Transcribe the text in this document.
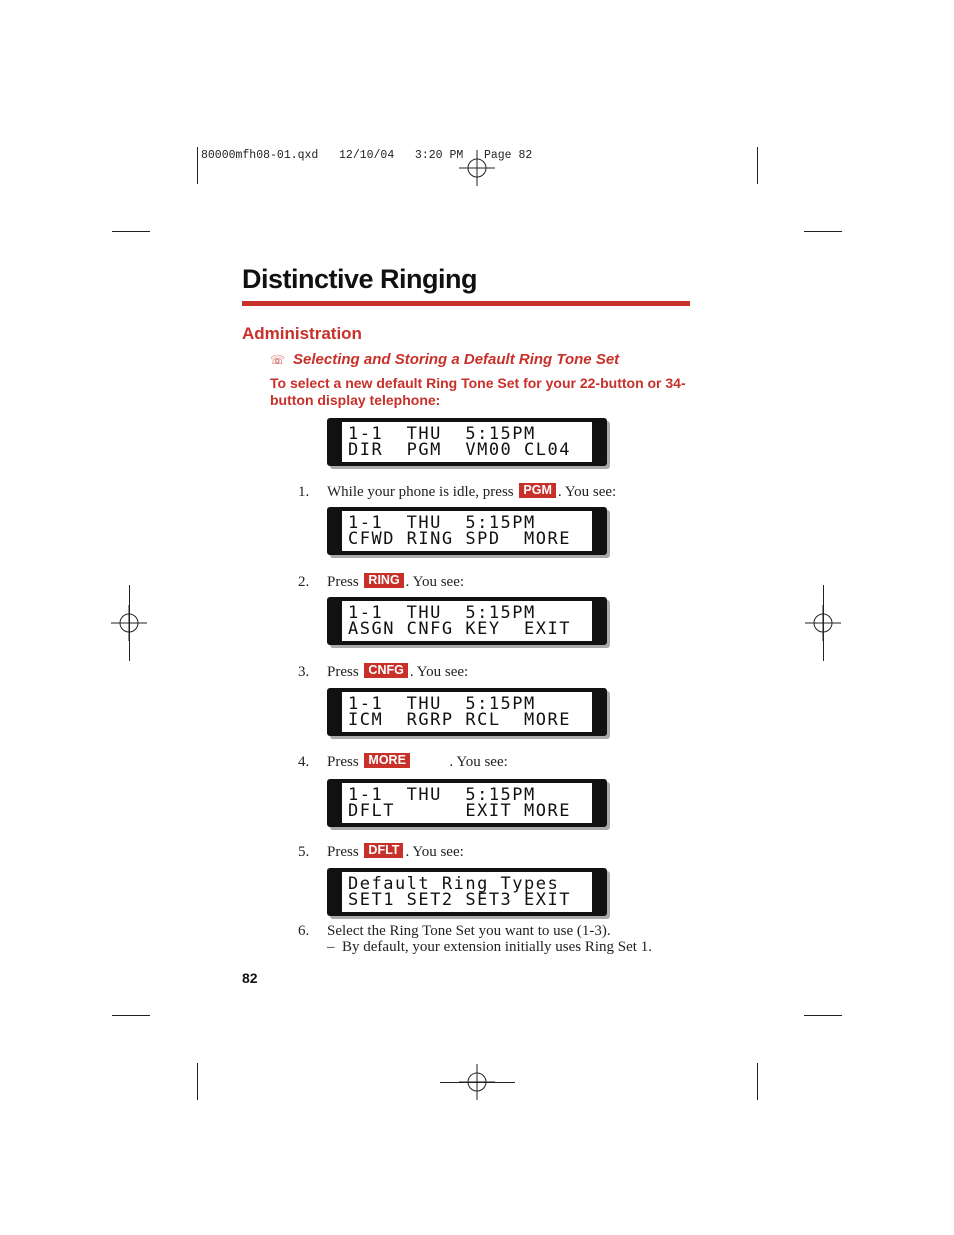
80000mfh08-01.qxd   12/10/04   3:20 PM   Page 82
Distinctive Ringing
Administration
☏ Selecting and Storing a Default Ring Tone Set
To select a new default Ring Tone Set for your 22-button or 34-button display telephone:
1-1  THU  5:15PM
DIR  PGM  VM00 CL04
1. While your phone is idle, press PGM . You see:
1-1  THU  5:15PM
CFWD RING SPD  MORE
2. Press RING . You see:
1-1  THU  5:15PM
ASGN CNFG KEY  EXIT
3. Press CNFG . You see:
1-1  THU  5:15PM
ICM  RGRP RCL  MORE
4. Press MORE          . You see:
1-1  THU  5:15PM
DFLT      EXIT MORE
5. Press DFLT . You see:
Default Ring Types
SET1 SET2 SET3 EXIT
6. Select the Ring Tone Set you want to use (1-3).
–  By default, your extension initially uses Ring Set 1.
82
